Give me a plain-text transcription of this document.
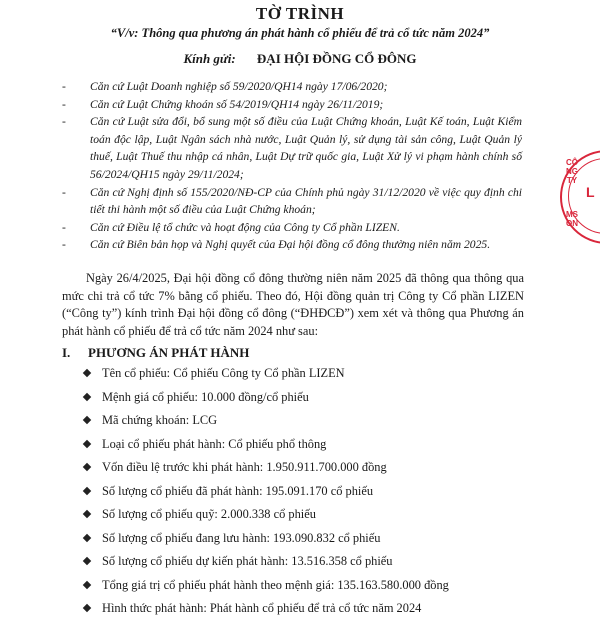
TỜ TRÌNH
“V/v: Thông qua phương án phát hành cổ phiếu để trả cổ tức năm 2024”
Kính gửi: ĐẠI HỘI ĐỒNG CỔ ĐÔNG
- Căn cứ Luật Doanh nghiệp số 59/2020/QH14 ngày 17/06/2020;
- Căn cứ Luật Chứng khoán số 54/2019/QH14 ngày 26/11/2019;
- Căn cứ Luật sửa đổi, bổ sung một số điều của Luật Chứng khoán, Luật Kế toán, Luật Kiểm toán độc lập, Luật Ngân sách nhà nước, Luật Quản lý, sử dụng tài sản công, Luật Quản lý thuế, Luật Thuế thu nhập cá nhân, Luật Dự trữ quốc gia, Luật Xử lý vi phạm hành chính số 56/2024/QH15 ngày 29/11/2024;
- Căn cứ Nghị định số 155/2020/NĐ-CP của Chính phủ ngày 31/12/2020 về việc quy định chi tiết thi hành một số điều của Luật Chứng khoán;
- Căn cứ Điều lệ tổ chức và hoạt động của Công ty Cổ phần LIZEN.
- Căn cứ Biên bản họp và Nghị quyết của Đại hội đồng cổ đông thường niên năm 2025.

Ngày 26/4/2025, Đại hội đồng cổ đông thường niên năm 2025 đã thông qua thông qua mức chi trả cổ tức 7% bằng cổ phiếu. Theo đó, Hội đồng quản trị Công ty Cổ phần LIZEN (“Công ty”) kính trình Đại hội đồng cổ đông (“ĐHĐCĐ”) xem xét và thông qua Phương án phát hành cổ phiếu để trả cổ tức năm 2024 như sau:

I. PHƯƠNG ÁN PHÁT HÀNH
Tên cổ phiếu: Cổ phiếu Công ty Cổ phần LIZEN
Mệnh giá cổ phiếu: 10.000 đồng/cổ phiếu
Mã chứng khoán: LCG
Loại cổ phiếu phát hành: Cổ phiếu phổ thông
Vốn điều lệ trước khi phát hành: 1.950.911.700.000 đồng
Số lượng cổ phiếu đã phát hành: 195.091.170 cổ phiếu
Số lượng cổ phiếu quỹ: 2.000.338 cổ phiếu
Số lượng cổ phiếu đang lưu hành: 193.090.832 cổ phiếu
Số lượng cổ phiếu dự kiến phát hành: 13.516.358 cổ phiếu
Tổng giá trị cổ phiếu phát hành theo mệnh giá: 135.163.580.000 đồng
Hình thức phát hành: Phát hành cổ phiếu để trả cổ tức năm 2024
CÔNG TY
L
MSON
